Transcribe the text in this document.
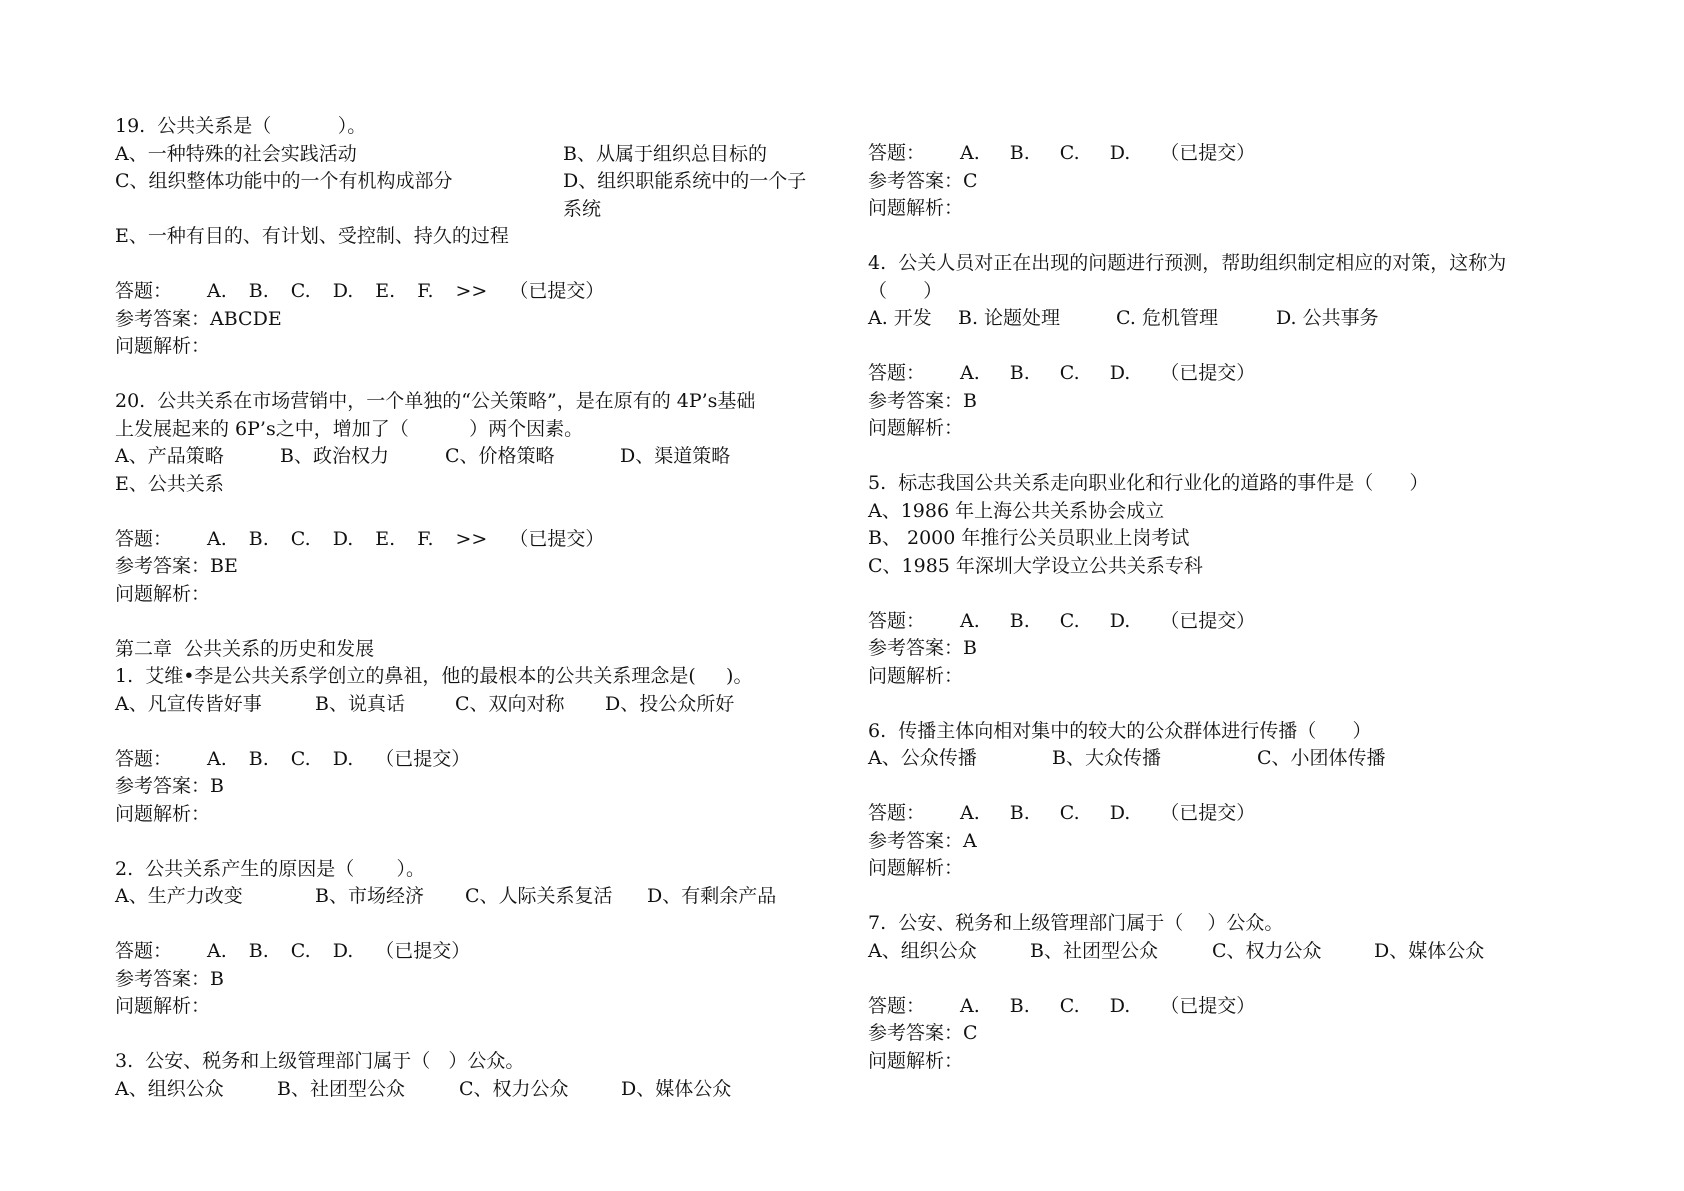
19.  公共关系是（           ）。
A、一种特殊的社会实践活动	B、从属于组织总目标的
C、组织整体功能中的一个有机构成部分	D、组织职能系统中的一个子系统
E、一种有目的、有计划、受控制、持久的过程
答题：	A. B. C. D. E. F. >> （已提交）
参考答案：ABCDE
问题解析：
20.  公共关系在市场营销中，一个单独的“公关策略”，是在原有的 4P’s基础
上发展起来的 6P’s之中，增加了（          ）两个因素。
A、产品策略	B、政治权力	C、价格策略	D、渠道策略
E、公共关系
答题：	A. B. C. D. E. F. >> （已提交）
参考答案：BE
问题解析：
第二章  公共关系的历史和发展
1.  艾维•李是公共关系学创立的鼻祖，他的最根本的公共关系理念是(     )。
A、凡宣传皆好事	B、说真话	C、双向对称	D、投公众所好
答题：	A. B. C. D. （已提交）
参考答案：B
问题解析：
2.  公共关系产生的原因是（       ）。
A、生产力改变	B、市场经济	C、人际关系复活	D、有剩余产品
答题：	A. B. C. D. （已提交）
参考答案：B
问题解析：
3.  公安、税务和上级管理部门属于（   ）公众。
A、组织公众	B、社团型公众	C、权力公众	D、媒体公众
答题：	A. B. C. D. （已提交）
参考答案：C
问题解析：
4.  公关人员对正在出现的问题进行预测，帮助组织制定相应的对策，这称为
（      ）
A. 开发	B. 论题处理	C. 危机管理	D. 公共事务
答题：	A. B. C. D. （已提交）
参考答案：B
问题解析：
5.  标志我国公共关系走向职业化和行业化的道路的事件是（      ）
A、1986 年上海公共关系协会成立
B、 2000 年推行公关员职业上岗考试
C、1985 年深圳大学设立公共关系专科
答题：	A. B. C. D. （已提交）
参考答案：B
问题解析：
6.  传播主体向相对集中的较大的公众群体进行传播（      ）
A、公众传播	B、大众传播	C、小团体传播
答题：	A. B. C. D. （已提交）
参考答案：A
问题解析：
7.  公安、税务和上级管理部门属于（    ）公众。
A、组织公众	B、社团型公众	C、权力公众	D、媒体公众
答题：	A. B. C. D. （已提交）
参考答案：C
问题解析：
